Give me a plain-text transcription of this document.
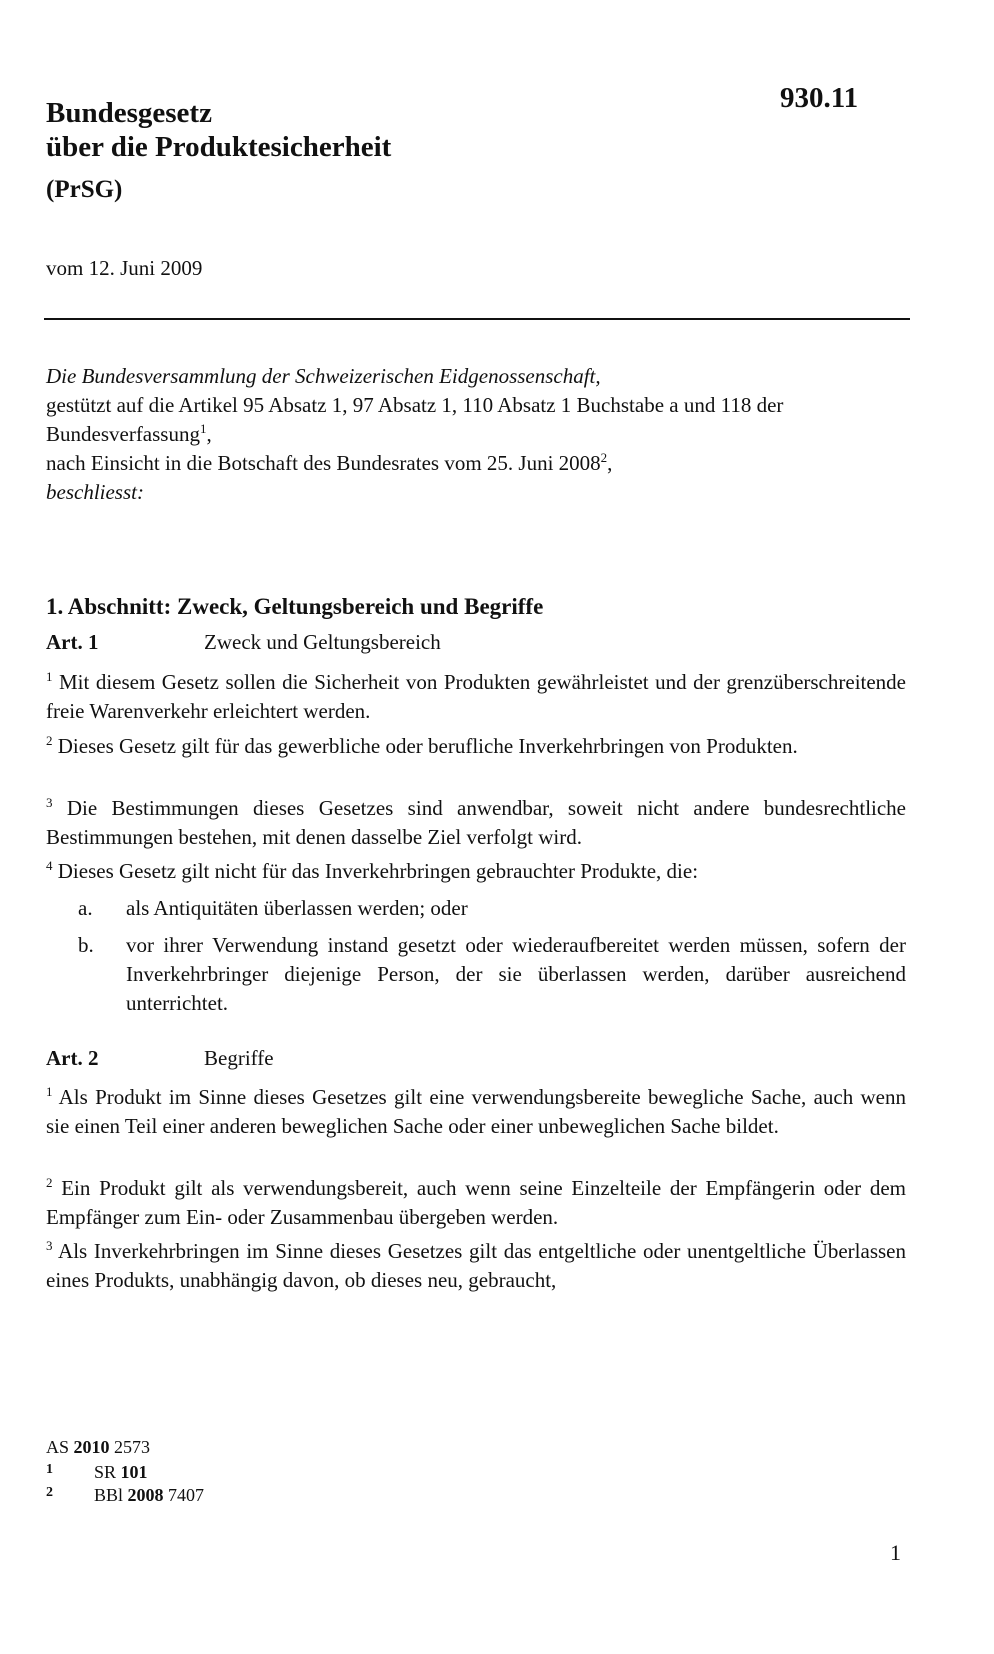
930.11
Bundesgesetz
über die Produktesicherheit
(PrSG)
vom 12. Juni 2009

Die Bundesversammlung der Schweizerischen Eidgenossenschaft,

gestützt auf die Artikel 95 Absatz 1, 97 Absatz 1, 110 Absatz 1 Buchstabe a und 118 der Bundesverfassung$^1$,

nach Einsicht in die Botschaft des Bundesrates vom 25. Juni 2008$^2$,

beschliesst:

1. Abschnitt: Zweck, Geltungsbereich und Begriffe
Art. 1	Zweck und Geltungsbereich

$^1$ Mit diesem Gesetz sollen die Sicherheit von Produkten gewährleistet und der grenzüberschreitende freie Warenverkehr erleichtert werden.

$^2$ Dieses Gesetz gilt für das gewerbliche oder berufliche Inverkehrbringen von Produkten.

$^3$ Die Bestimmungen dieses Gesetzes sind anwendbar, soweit nicht andere bundesrechtliche Bestimmungen bestehen, mit denen dasselbe Ziel verfolgt wird.

$^4$ Dieses Gesetz gilt nicht für das Inverkehrbringen gebrauchter Produkte, die:

a. als Antiquitäten überlassen werden; oder
b. vor ihrer Verwendung instand gesetzt oder wiederaufbereitet werden müssen, sofern der Inverkehrbringer diejenige Person, der sie überlassen werden, darüber ausreichend unterrichtet.
Art. 2	Begriffe

$^1$ Als Produkt im Sinne dieses Gesetzes gilt eine verwendungsbereite bewegliche Sache, auch wenn sie einen Teil einer anderen beweglichen Sache oder einer unbeweglichen Sache bildet.

$^2$ Ein Produkt gilt als verwendungsbereit, auch wenn seine Einzelteile der Empfängerin oder dem Empfänger zum Ein- oder Zusammenbau übergeben werden.

$^3$ Als Inverkehrbringen im Sinne dieses Gesetzes gilt das entgeltliche oder unentgeltliche Überlassen eines Produkts, unabhängig davon, ob dieses neu, gebraucht,

AS 2010 2573
1 SR 101
2 BBl 2008 7407
1
